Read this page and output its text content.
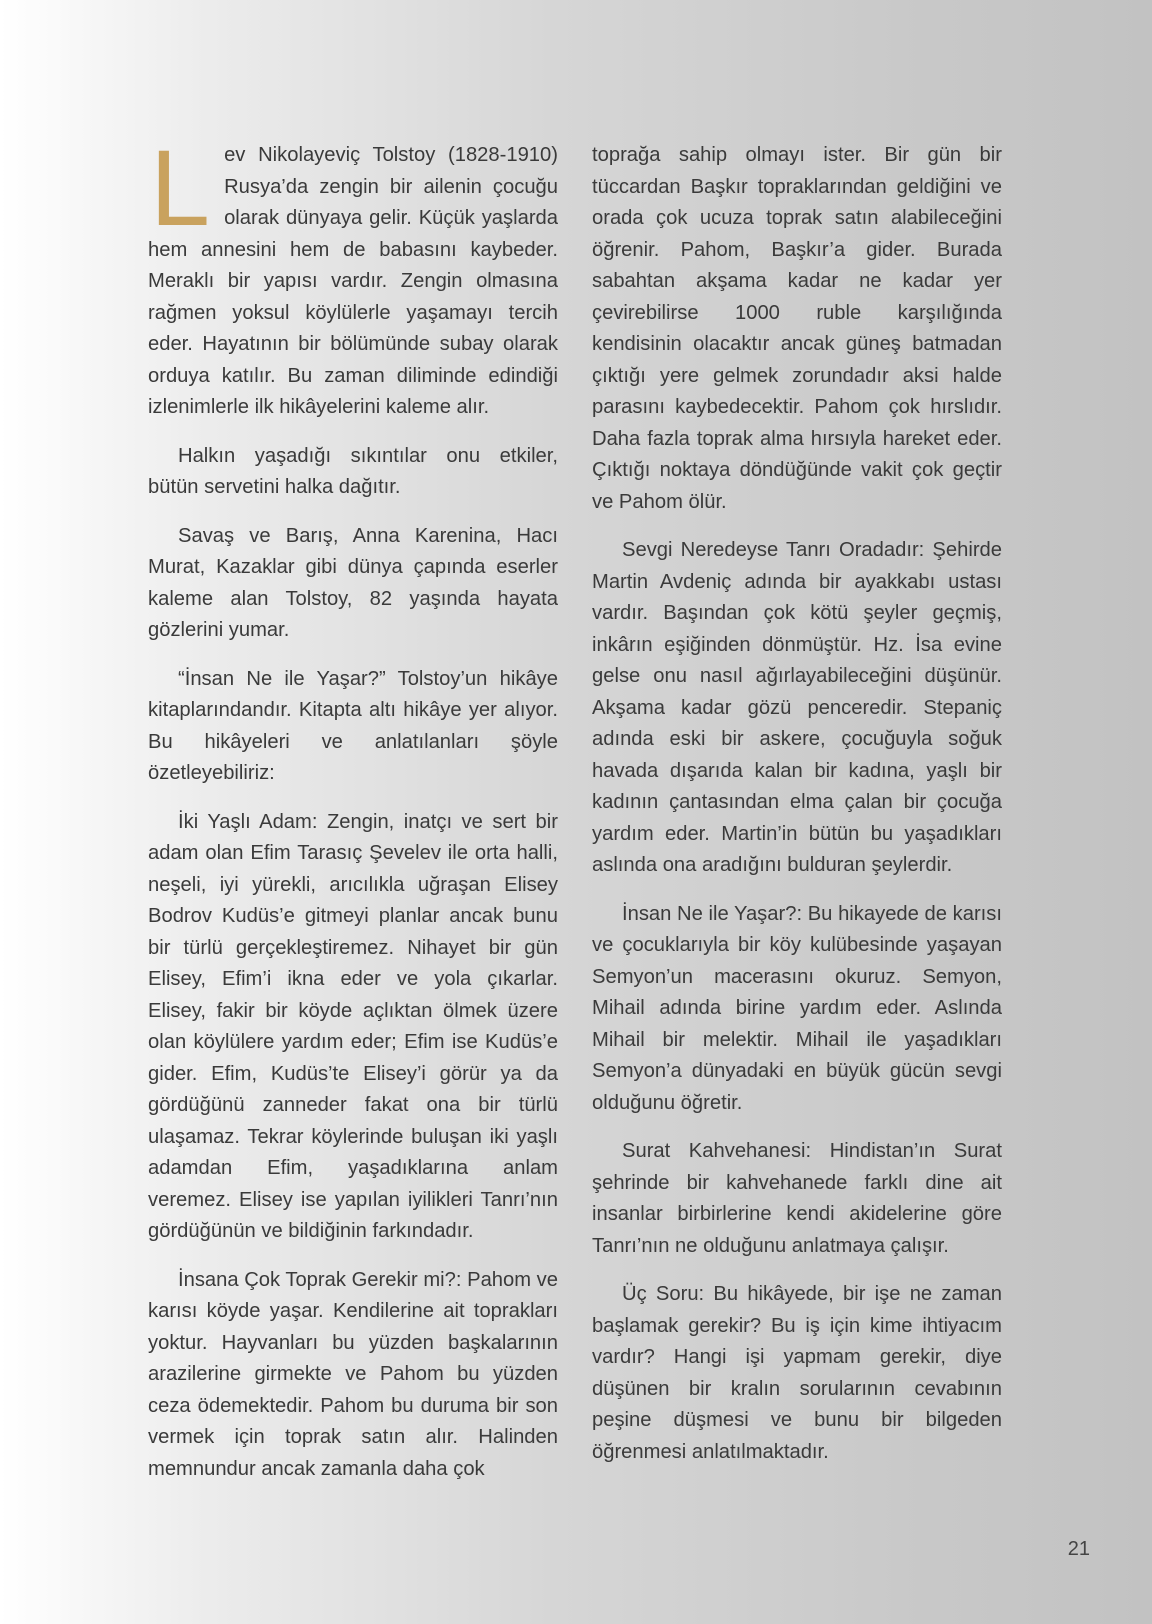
Lev Nikolayeviç Tolstoy (1828-1910) Rusya’da zengin bir ailenin çocuğu olarak dünyaya gelir. Küçük yaşlarda hem annesini hem de babasını kaybeder. Meraklı bir yapısı vardır. Zengin olmasına rağmen yoksul köylülerle yaşamayı tercih eder. Hayatının bir bölümünde subay olarak orduya katılır. Bu zaman diliminde edindiği izlenimlerle ilk hikâyelerini kaleme alır.

Halkın yaşadığı sıkıntılar onu etkiler, bütün servetini halka dağıtır.

Savaş ve Barış, Anna Karenina, Hacı Murat, Kazaklar gibi dünya çapında eserler kaleme alan Tolstoy, 82 yaşında hayata gözlerini yumar.

“İnsan Ne ile Yaşar?” Tolstoy’un hikâye kitaplarındandır. Kitapta altı hikâye yer alıyor. Bu hikâyeleri ve anlatılanları şöyle özetleyebiliriz:

İki Yaşlı Adam: Zengin, inatçı ve sert bir adam olan Efim Tarasıç Şevelev ile orta halli, neşeli, iyi yürekli, arıcılıkla uğraşan Elisey Bodrov Kudüs’e gitmeyi planlar ancak bunu bir türlü gerçekleştiremez. Nihayet bir gün Elisey, Efim’i ikna eder ve yola çıkarlar. Elisey, fakir bir köyde açlıktan ölmek üzere olan köylülere yardım eder; Efim ise Kudüs’e gider. Efim, Kudüs’te Elisey’i görür ya da gördüğünü zanneder fakat ona bir türlü ulaşamaz. Tekrar köylerinde buluşan iki yaşlı adamdan Efim, yaşadıklarına anlam veremez. Elisey ise yapılan iyilikleri Tanrı’nın gördüğünün ve bildiğinin farkındadır.

İnsana Çok Toprak Gerekir mi?: Pahom ve karısı köyde yaşar. Kendilerine ait toprakları yoktur. Hayvanları bu yüzden başkalarının arazilerine girmekte ve Pahom bu yüzden ceza ödemektedir. Pahom bu duruma bir son vermek için toprak satın alır. Halinden memnundur ancak zamanla daha çok

toprağa sahip olmayı ister. Bir gün bir tüccardan Başkır topraklarından geldiğini ve orada çok ucuza toprak satın alabileceğini öğrenir. Pahom, Başkır’a gider. Burada sabahtan akşama kadar ne kadar yer çevirebilirse 1000 ruble karşılığında kendisinin olacaktır ancak güneş batmadan çıktığı yere gelmek zorundadır aksi halde parasını kaybedecektir. Pahom çok hırslıdır. Daha fazla toprak alma hırsıyla hareket eder. Çıktığı noktaya döndüğünde vakit çok geçtir ve Pahom ölür.

Sevgi Neredeyse Tanrı Oradadır: Şehirde Martin Avdeniç adında bir ayakkabı ustası vardır. Başından çok kötü şeyler geçmiş, inkârın eşiğinden dönmüştür. Hz. İsa evine gelse onu nasıl ağırlayabileceğini düşünür. Akşama kadar gözü penceredir. Stepaniç adında eski bir askere, çocuğuyla soğuk havada dışarıda kalan bir kadına, yaşlı bir kadının çantasından elma çalan bir çocuğa yardım eder. Martin’in bütün bu yaşadıkları aslında ona aradığını bulduran şeylerdir.

İnsan Ne ile Yaşar?: Bu hikayede de karısı ve çocuklarıyla bir köy kulübesinde yaşayan Semyon’un macerasını okuruz. Semyon, Mihail adında birine yardım eder. Aslında Mihail bir melektir. Mihail ile yaşadıkları Semyon’a dünyadaki en büyük gücün sevgi olduğunu öğretir.

Surat Kahvehanesi: Hindistan’ın Surat şehrinde bir kahvehanede farklı dine ait insanlar birbirlerine kendi akidelerine göre Tanrı’nın ne olduğunu anlatmaya çalışır.

Üç Soru: Bu hikâyede, bir işe ne zaman başlamak gerekir? Bu iş için kime ihtiyacım vardır? Hangi işi yapmam gerekir, diye düşünen bir kralın sorularının cevabının peşine düşmesi ve bunu bir bilgeden öğrenmesi anlatılmaktadır.

21
